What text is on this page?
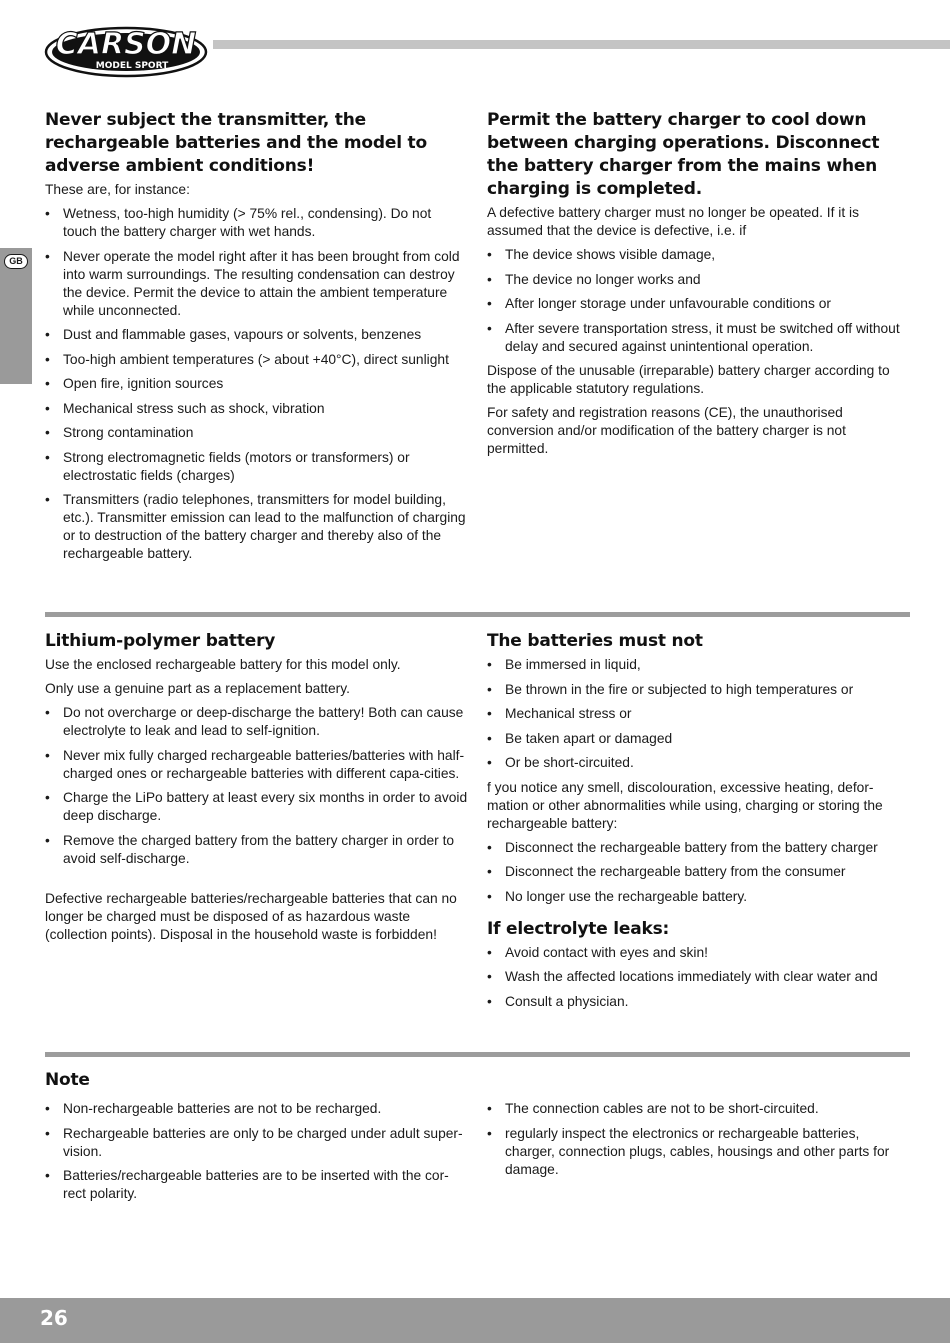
CARSON
MODEL SPORT
GB
Never subject the transmitter, the rechargeable batteries and the model to adverse ambient conditions!

These are, for instance:

• Wetness, too-high humidity (> 75% rel., condensing). Do not touch the battery charger with wet hands.
• Never operate the model right after it has been brought from cold into warm surroundings. The resulting condensation can destroy the device. Permit the device to attain the ambient temperature while unconnected.
• Dust and flammable gases, vapours or solvents, benzenes
• Too-high ambient temperatures (> about +40°C), direct sunlight
• Open fire, ignition sources
• Mechanical stress such as shock, vibration
• Strong contamination
• Strong electromagnetic fields (motors or transformers) or electrostatic fields (charges)
• Transmitters (radio telephones, transmitters for model building, etc.). Transmitter emission can lead to the malfunction of charging or to destruction of the battery charger and thereby also of the rechargeable battery.
Permit the battery charger to cool down between charging operations. Disconnect the battery charger from the mains when charging is completed.

A defective battery charger must no longer be opeated. If it is assumed that the device is defective, i.e. if

• The device shows visible damage,
• The device no longer works and
• After longer storage under unfavourable conditions or
• After severe transportation stress, it must be switched off without delay and secured against unintentional operation.

Dispose of the unusable (irreparable) battery charger according to the applicable statutory regulations.

For safety and registration reasons (CE), the unauthorised conversion and/or modification of the battery charger is not permitted.

Lithium-polymer battery

Use the enclosed rechargeable battery for this model only.

Only use a genuine part as a replacement battery.

• Do not overcharge or deep-discharge the battery! Both can cause electrolyte to leak and lead to self-ignition.
• Never mix fully charged rechargeable batteries/batteries with half-charged ones or rechargeable batteries with different capa-cities.
• Charge the LiPo battery at least every six months in order to avoid deep discharge.
• Remove the charged battery from the battery charger in order to avoid self-discharge.

Defective rechargeable batteries/rechargeable batteries that can no longer be charged must be disposed of as hazardous waste (collection points). Disposal in the household waste is forbidden!

The batteries must not
• Be immersed in liquid,
• Be thrown in the fire or subjected to high temperatures or
• Mechanical stress or
• Be taken apart or damaged
• Or be short-circuited.

f you notice any smell, discolouration, excessive heating, defor-mation or other abnormalities while using, charging or storing the rechargeable battery:

• Disconnect the rechargeable battery from the battery charger
• Disconnect the rechargeable battery from the consumer
• No longer use the rechargeable battery.
If electrolyte leaks:
• Avoid contact with eyes and skin!
• Wash the affected locations immediately with clear water and
• Consult a physician.
Note
• Non-rechargeable batteries are not to be recharged.
• Rechargeable batteries are only to be charged under adult super-vision.
• Batteries/rechargeable batteries are to be inserted with the cor-rect polarity.
• The connection cables are not to be short-circuited.
• regularly inspect the electronics or rechargeable batteries, charger, connection plugs, cables, housings and other parts for damage.
26
